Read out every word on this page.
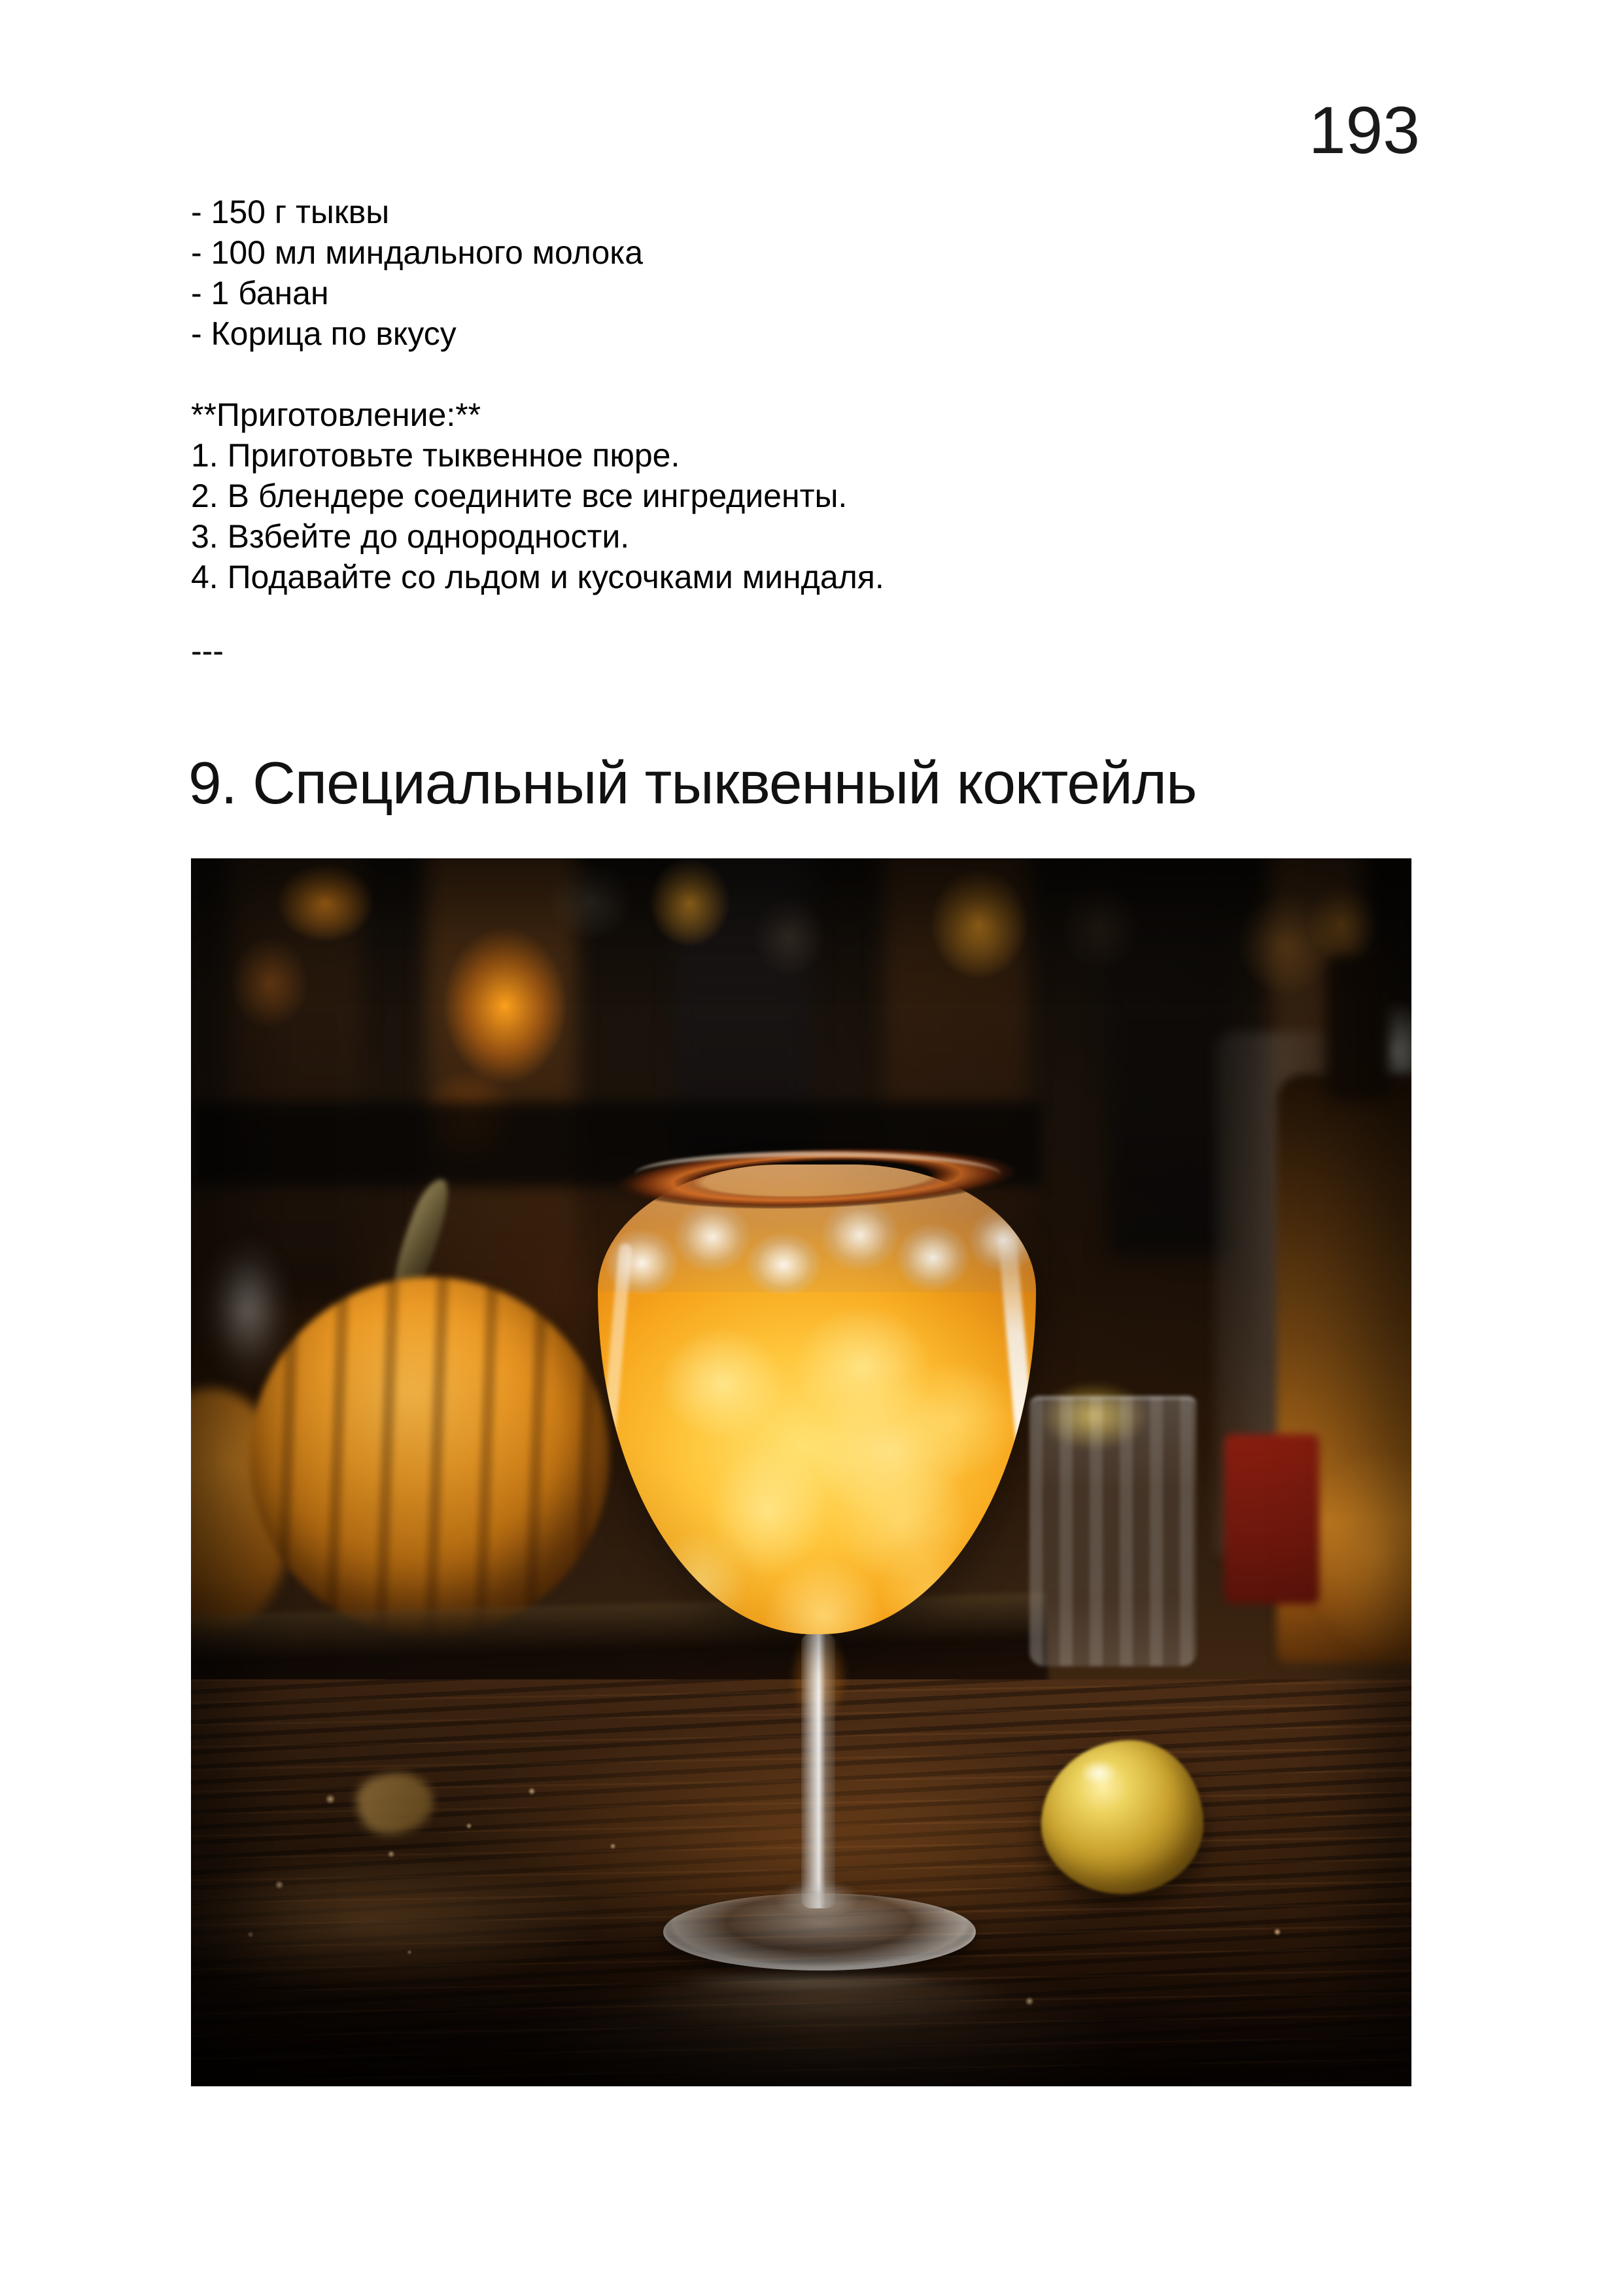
193
- 150 г тыквы
- 100 мл миндального молока
- 1 банан
- Корица по вкусу
**Приготовление:**
1. Приготовьте тыквенное пюре.
2. В блендере соедините все ингредиенты.
3. Взбейте до однородности.
4. Подавайте со льдом и кусочками миндаля.
---
9. Специальный тыквенный коктейль
